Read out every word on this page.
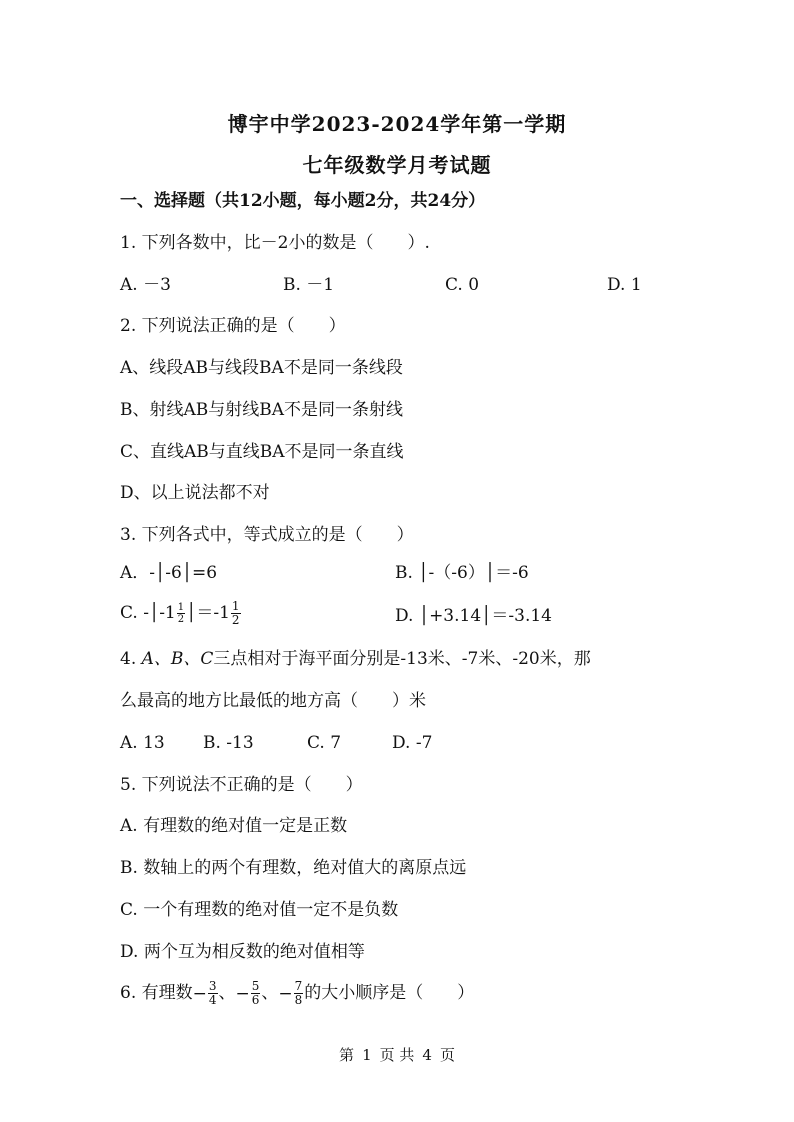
博宇中学2023-2024学年第一学期
七年级数学月考试题
一、选择题（共12小题，每小题2分，共24分）
1. 下列各数中，比－2小的数是（　　）.
A. －3	B. －1	C. 0	D. 1
2. 下列说法正确的是（　　）
A、线段AB与线段BA不是同一条线段
B、射线AB与射线BA不是同一条射线
C、直线AB与直线BA不是同一条直线
D、以上说法都不对
3. 下列各式中，等式成立的是（　　）
A．-│-6│=6	B. │-（-6）│＝-6
C. -│-1 $\frac{1}{2}$ │＝-1 $\frac{1}{2}$	D. │+3.14│＝-3.14
4. A、B、C三点相对于海平面分别是-13米、-7米、-20米，那
么最高的地方比最低的地方高（　　）米
A. 13 B. -13	C. 7	D. -7
5. 下列说法不正确的是（　　）
A. 有理数的绝对值一定是正数
B. 数轴上的两个有理数，绝对值大的离原点远
C. 一个有理数的绝对值一定不是负数
D. 两个互为相反数的绝对值相等
6. 有理数− $\frac{3}{4}$ 、− $\frac{5}{6}$ 、− $\frac{7}{8}$ 的大小顺序是（　　）
第 1 页 共 4 页
